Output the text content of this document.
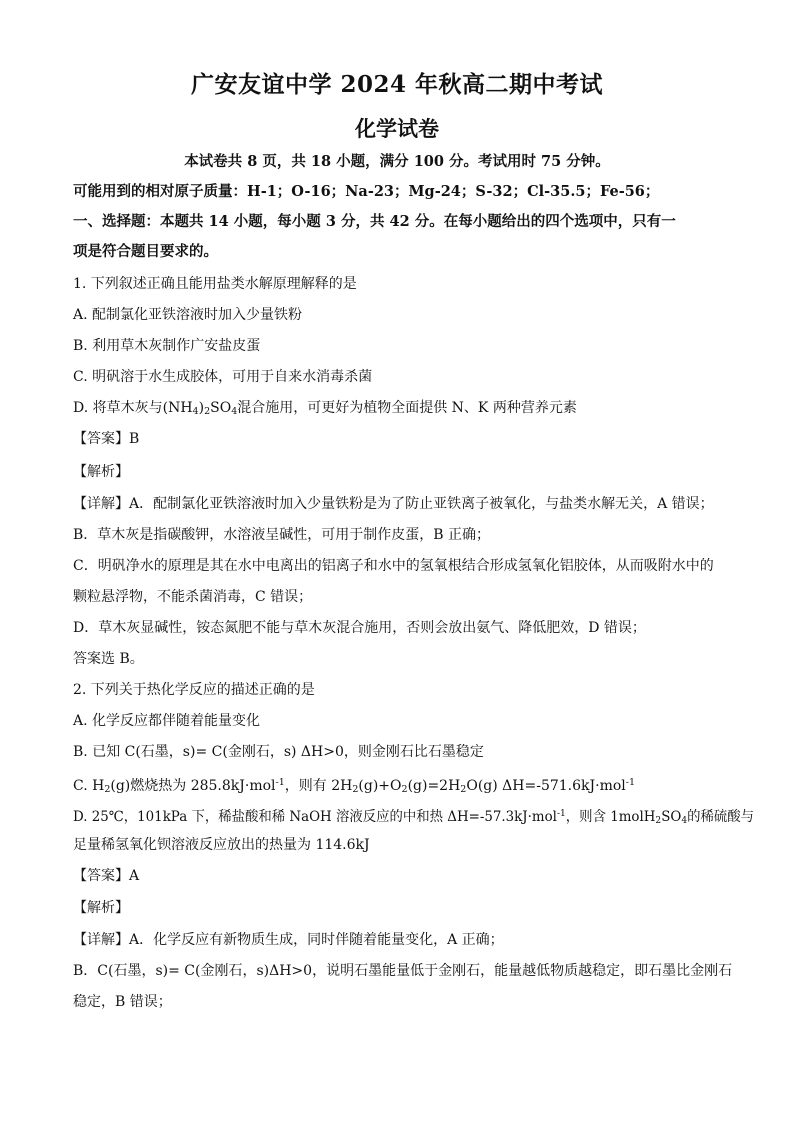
广安友谊中学 2024 年秋高二期中考试
化学试卷
本试卷共 8 页，共 18 小题，满分 100 分。考试用时 75 分钟。
可能用到的相对原子质量：H-1；O-16；Na-23；Mg-24；S-32；Cl-35.5；Fe-56；
一、选择题：本题共 14 小题，每小题 3 分，共 42 分。在每小题给出的四个选项中，只有一
项是符合题目要求的。
1. 下列叙述正确且能用盐类水解原理解释的是
A. 配制氯化亚铁溶液时加入少量铁粉
B. 利用草木灰制作广安盐皮蛋
C. 明矾溶于水生成胶体，可用于自来水消毒杀菌
D. 将草木灰与$(NH_4)_2SO_4$混合施用，可更好为植物全面提供 N、K 两种营养元素
【答案】B
【解析】
【详解】A．配制氯化亚铁溶液时加入少量铁粉是为了防止亚铁离子被氧化，与盐类水解无关，A 错误；
B．草木灰是指碳酸钾，水溶液呈碱性，可用于制作皮蛋，B 正确；
C．明矾净水的原理是其在水中电离出的铝离子和水中的氢氧根结合形成氢氧化铝胶体，从而吸附水中的
颗粒悬浮物，不能杀菌消毒，C 错误；
D．草木灰显碱性，铵态氮肥不能与草木灰混合施用，否则会放出氨气、降低肥效，D 错误；
答案选 B。
2. 下列关于热化学反应的描述正确的是
A. 化学反应都伴随着能量变化
B. 已知 C(石墨，s)= C(金刚石，s) ΔH>0，则金刚石比石墨稳定
C. $H_2(g)$燃烧热为 285.8kJ·mol$^{-1}$，则有 $2H_2(g)+O_2(g)=2H_2O(g)$ ΔH=-571.6kJ·mol$^{-1}$
D. 25℃，101kPa 下，稀盐酸和稀 NaOH 溶液反应的中和热 ΔH=-57.3kJ·mol$^{-1}$，则含 $1molH_2SO_4$的稀硫酸与
足量稀氢氧化钡溶液反应放出的热量为 114.6kJ
【答案】A
【解析】
【详解】A．化学反应有新物质生成，同时伴随着能量变化，A 正确；
B．C(石墨，s)= C(金刚石，s)ΔH>0，说明石墨能量低于金刚石，能量越低物质越稳定，即石墨比金刚石
稳定，B 错误；
